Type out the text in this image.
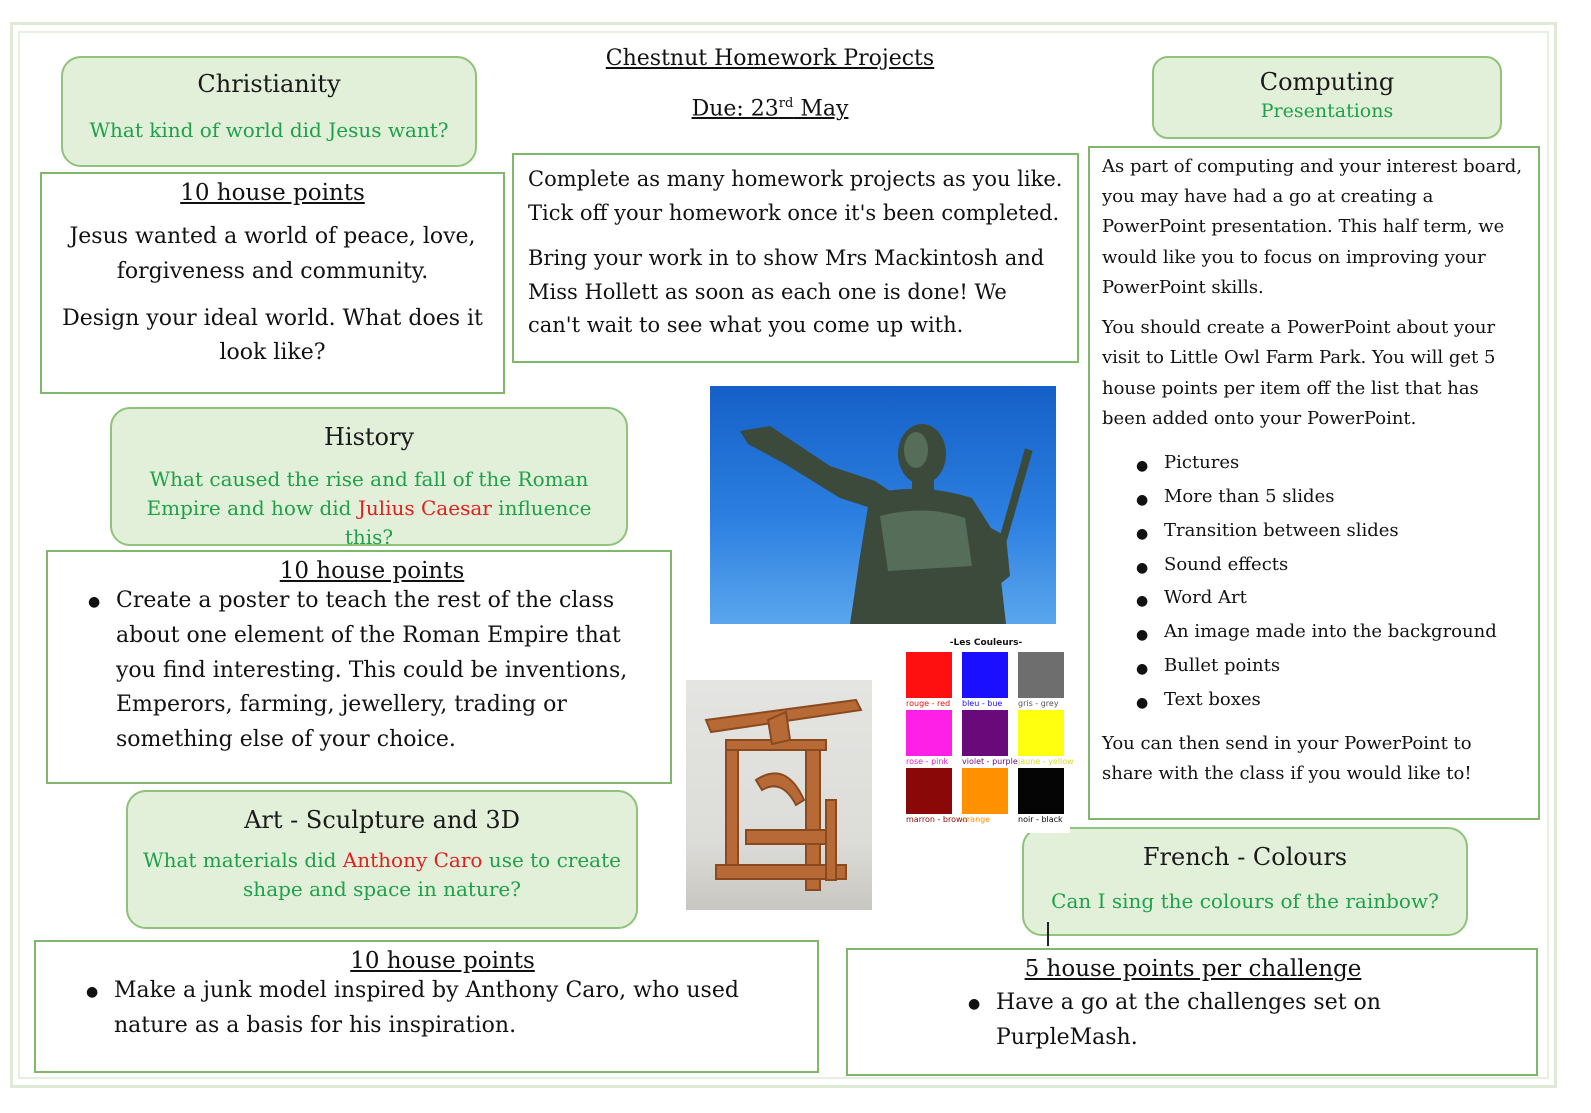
Chestnut Homework Projects
Due: 23rd May

Complete as many homework projects as you like. Tick off your homework once it's been completed.

Bring your work in to show Mrs Mackintosh and Miss Hollett as soon as each one is done! We can't wait to see what you come up with.

Christianity
What kind of world did Jesus want?

10 house points

Jesus wanted a world of peace, love, forgiveness and community.

Design your ideal world. What does it look like?

History
What caused the rise and fall of the Roman Empire and how did Julius Caesar influence this?

10 house points

● Create a poster to teach the rest of the class about one element of the Roman Empire that you find interesting. This could be inventions, Emperors, farming, jewellery, trading or something else of your choice.
Art - Sculpture and 3D
What materials did Anthony Caro use to create shape and space in nature?

10 house points

● Make a junk model inspired by Anthony Caro, who used nature as a basis for his inspiration.
Computing
Presentations

As part of computing and your interest board, you may have had a go at creating a PowerPoint presentation. This half term, we would like you to focus on improving your PowerPoint skills.

You should create a PowerPoint about your visit to Little Owl Farm Park. You will get 5 house points per item off the list that has been added onto your PowerPoint.

● Pictures
● More than 5 slides
● Transition between slides
● Sound effects
● Word Art
● An image made into the background
● Bullet points
● Text boxes

You can then send in your PowerPoint to share with the class if you would like to!

French - Colours
Can I sing the colours of the rainbow?

5 house points per challenge

● Have a go at the challenges set on PurpleMash.
-Les Couleurs-
rouge - red bleu - bue gris - grey
rose - pink violet - purple jaune - yellow
marron - brown
orange	noir - black
